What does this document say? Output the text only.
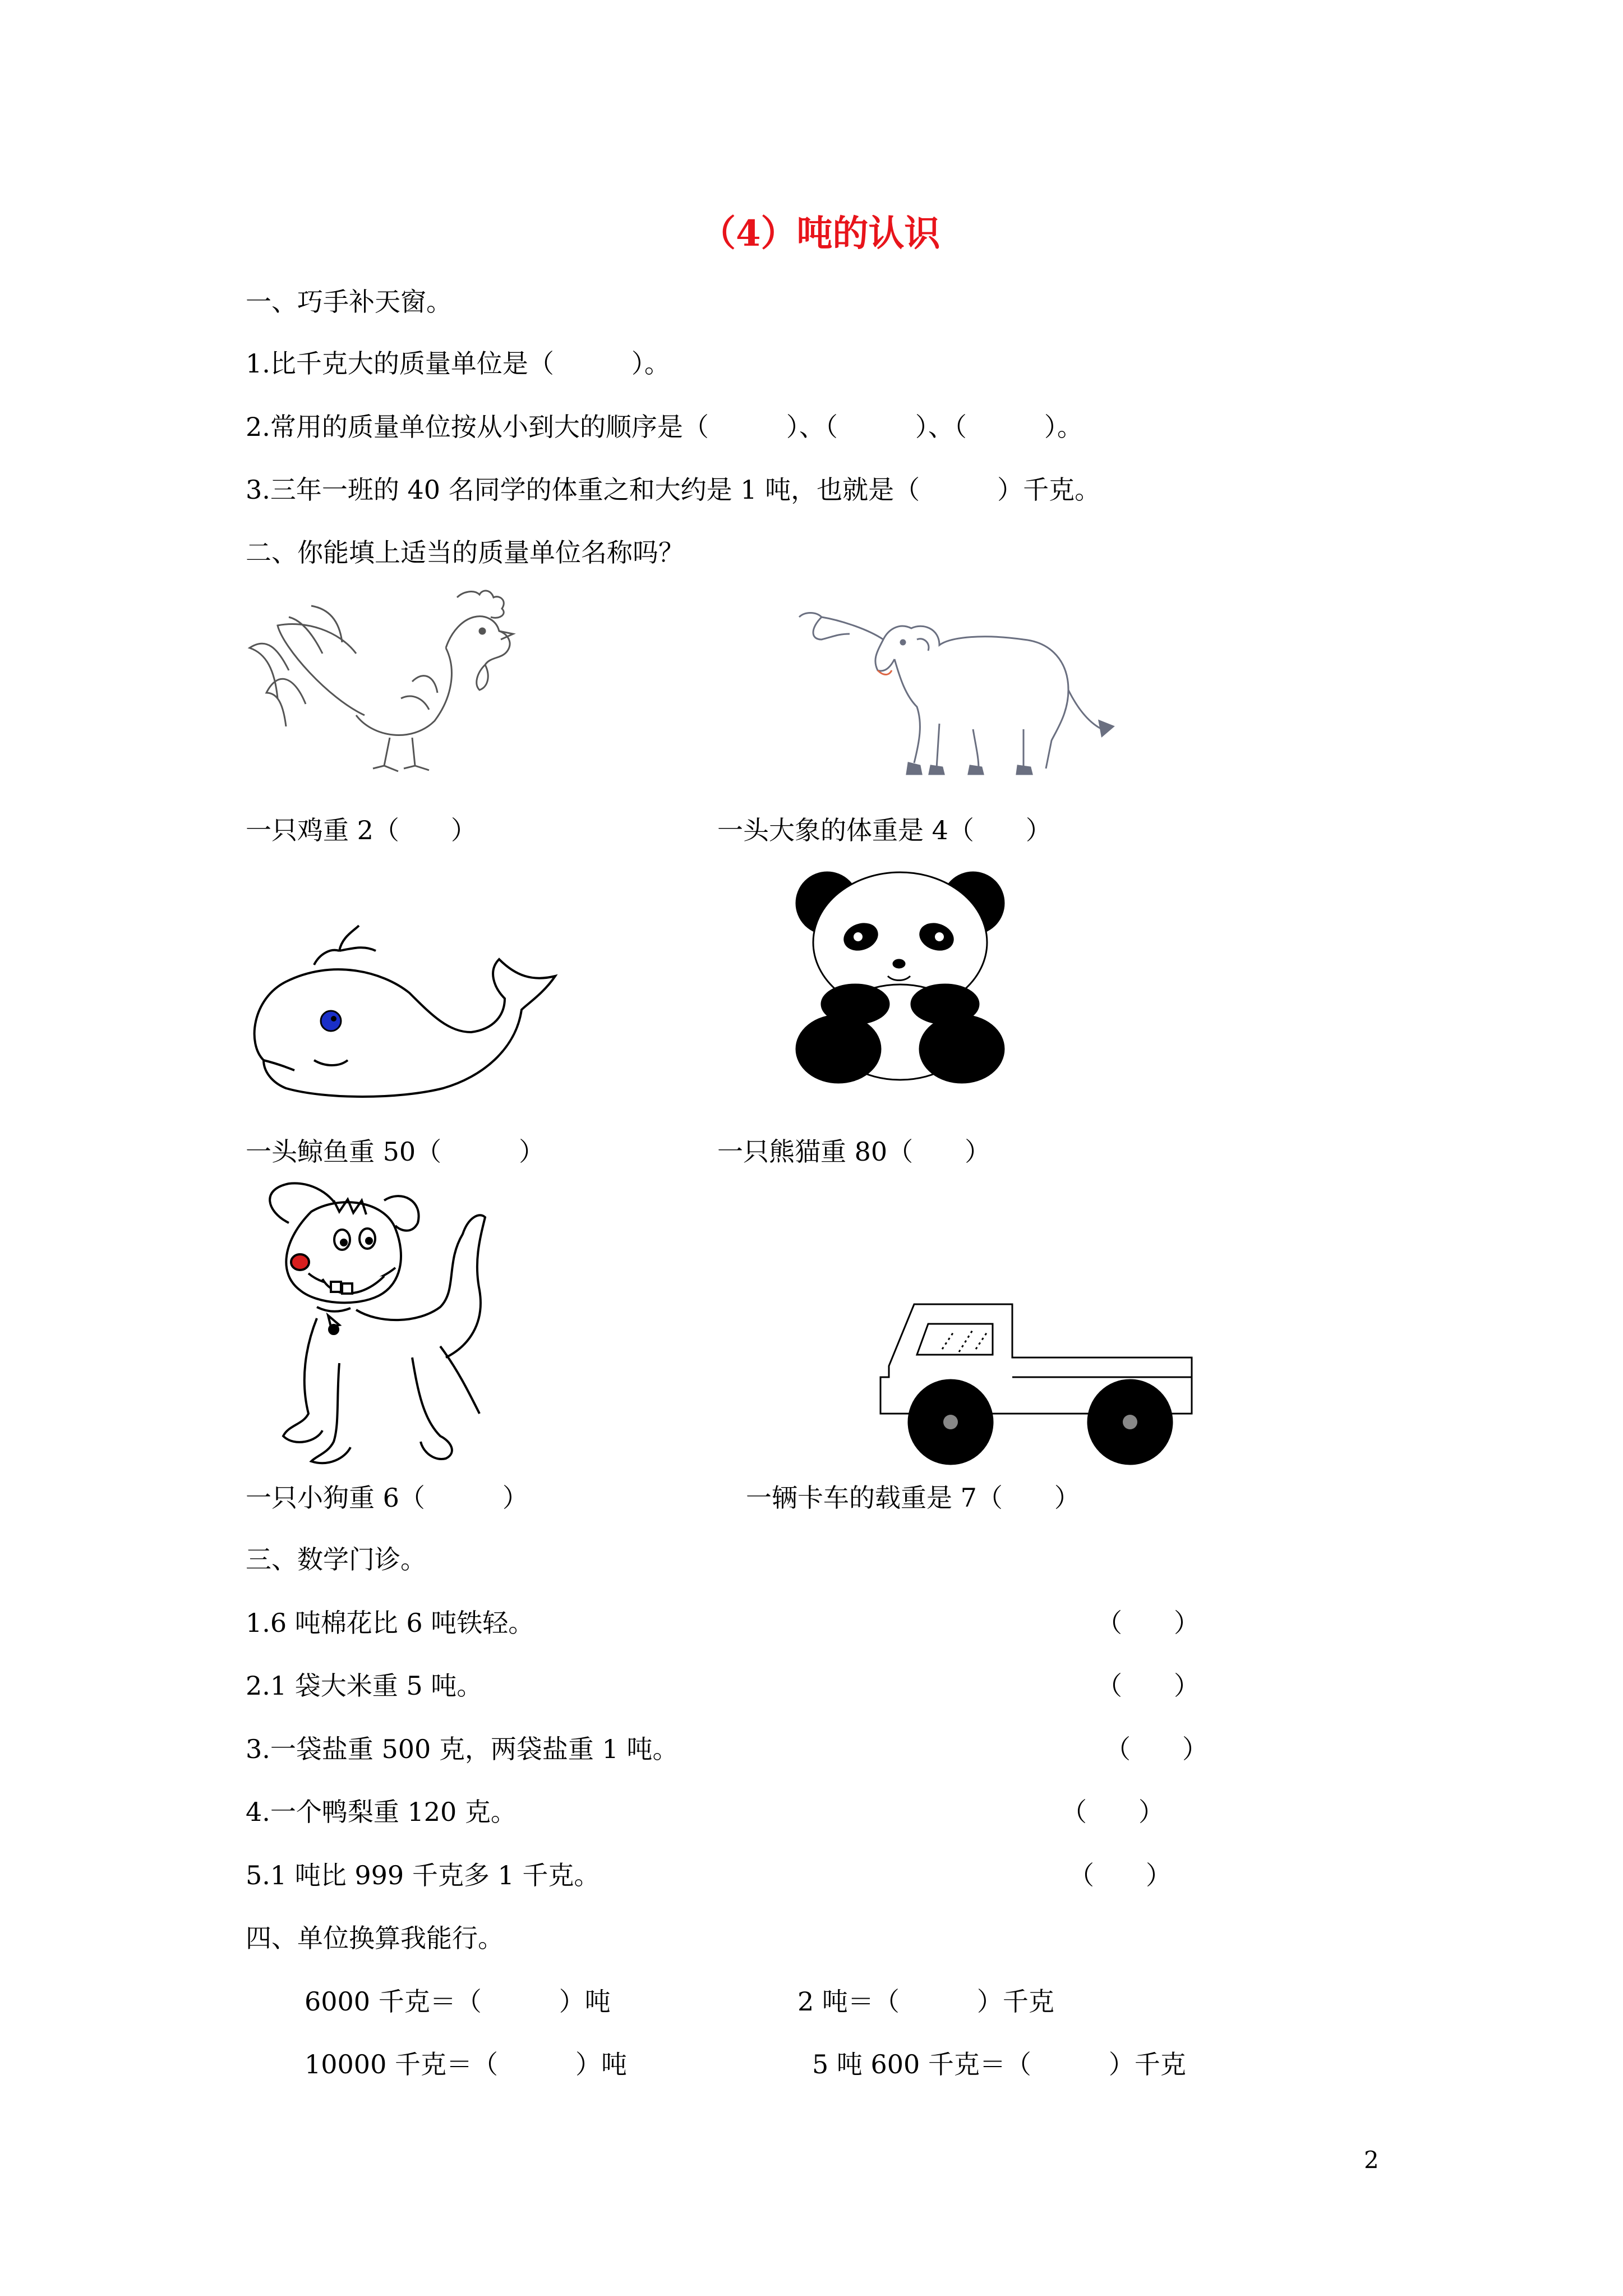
（4）吨的认识
一、巧手补天窗。
1.比千克大的质量单位是（　　　）。
2.常用的质量单位按从小到大的顺序是（　　　）、（　　　）、（　　　）。
3.三年一班的 40 名同学的体重之和大约是 1 吨，也就是（　　　）千克。
二、你能填上适当的质量单位名称吗？
一只鸡重 2（　　）	一头大象的体重是 4（　　）
一头鲸鱼重 50（　　　）	一只熊猫重 80（　　）
一只小狗重 6（　　　）	一辆卡车的载重是 7（　　）
三、数学门诊。
1.6 吨棉花比 6 吨铁轻。	（　　）
2.1 袋大米重 5 吨。	（　　）
3.一袋盐重 500 克，两袋盐重 1 吨。	（　　）
4.一个鸭梨重 120 克。	（　　）
5.1 吨比 999 千克多 1 千克。	（　　）
四、单位换算我能行。
6000 千克＝（　　　）吨	2 吨＝（　　　）千克
10000 千克＝（　　　）吨	5 吨 600 千克＝（　　　）千克
2
